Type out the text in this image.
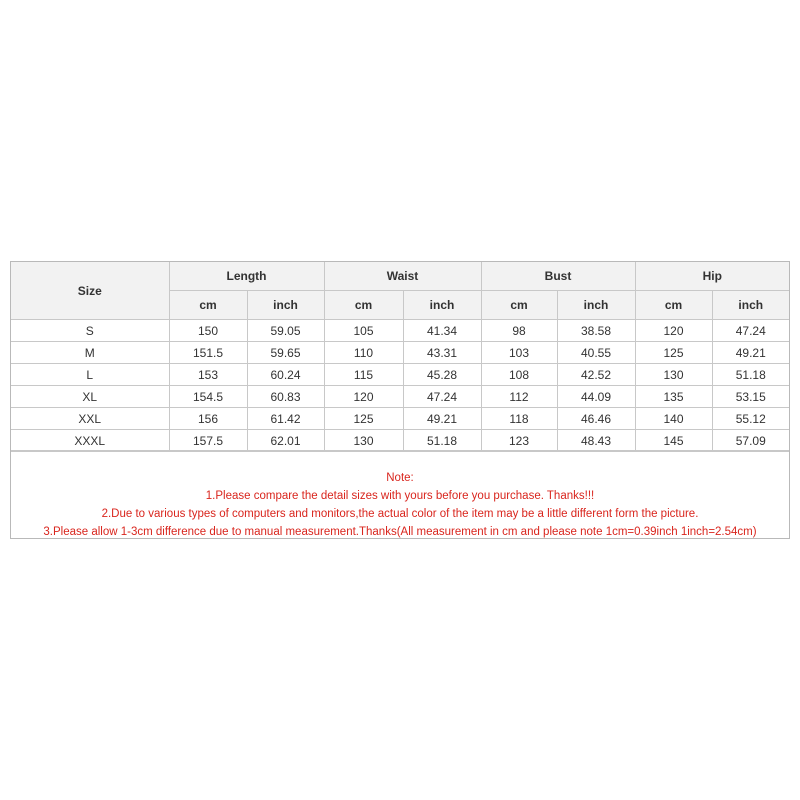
Size	Length		Waist		Bust		Hip	
	cm	inch	cm	inch	cm	inch	cm	inch
S	150	59.05	105	41.34	98	38.58	120	47.24
M	151.5	59.65	110	43.31	103	40.55	125	49.21
L	153	60.24	115	45.28	108	42.52	130	51.18
XL	154.5	60.83	120	47.24	112	44.09	135	53.15
XXL	156	61.42	125	49.21	118	46.46	140	55.12
XXXL	157.5	62.01	130	51.18	123	48.43	145	57.09
Note:
1.Please compare the detail sizes with yours before you purchase. Thanks!!!
2.Due to various types of computers and monitors,the actual color of the item may be a little different form the picture.
3.Please allow 1-3cm difference due to manual measurement.Thanks(All measurement in cm and please note 1cm=0.39inch 1inch=2.54cm)
